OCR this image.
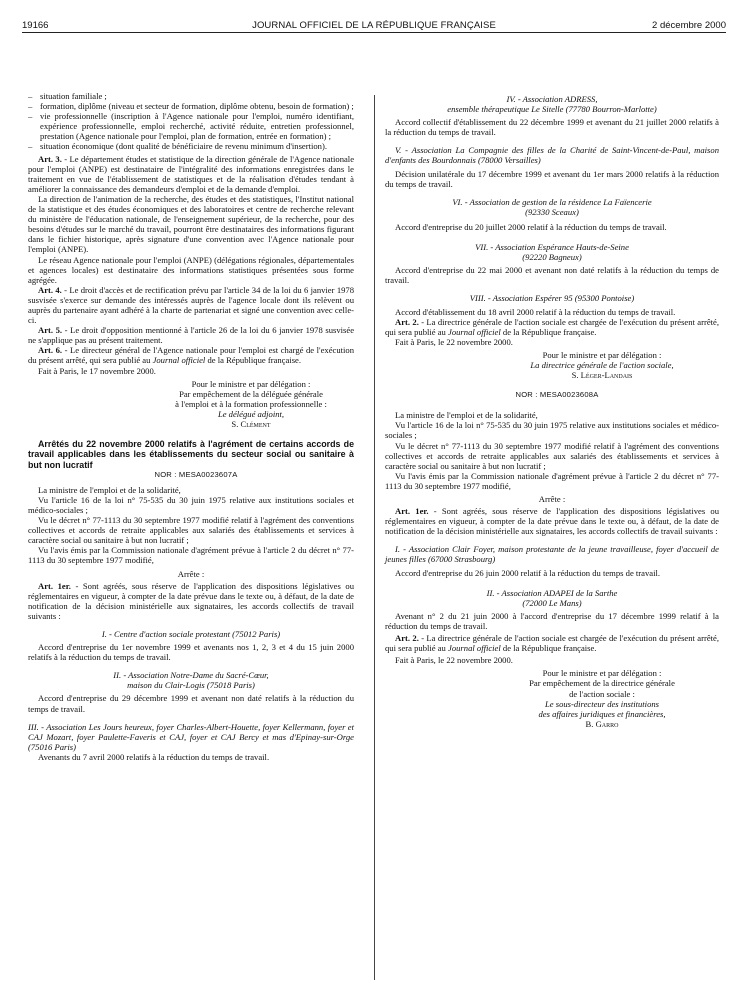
19166	JOURNAL OFFICIEL DE LA RÉPUBLIQUE FRANÇAISE	2 décembre 2000

– situation familiale ;

– formation, diplôme (niveau et secteur de formation, diplôme obtenu, besoin de formation) ;

– vie professionnelle (inscription à l'Agence nationale pour l'emploi, numéro identifiant, expérience professionnelle, emploi recherché, activité réduite, entretien professionnel, prestation (Agence nationale pour l'emploi, plan de formation, entrée en formation) ;

– situation économique (dont qualité de bénéficiaire de revenu minimum d'insertion).

Art. 3. - Le département études et statistique de la direction générale de l'Agence nationale pour l'emploi (ANPE) est destinataire de l'intégralité des informations enregistrées dans le traitement en vue de l'établissement de statistiques et de la réalisation d'études tendant à améliorer la connaissance des demandeurs d'emploi et de la demande d'emploi.

La direction de l'animation de la recherche, des études et des statistiques, l'Institut national de la statistique et des études économiques et des laboratoires et centre de recherche relevant du ministère de l'éducation nationale, de l'enseignement supérieur, de la recherche, pour des besoins d'études sur le marché du travail, pourront être destinataires des informations figurant dans le fichier historique, après signature d'une convention avec l'Agence nationale pour l'emploi (ANPE).

Le réseau Agence nationale pour l'emploi (ANPE) (délégations régionales, départementales et agences locales) est destinataire des informations statistiques présentées sous forme agrégée.

Art. 4. - Le droit d'accès et de rectification prévu par l'article 34 de la loi du 6 janvier 1978 susvisée s'exerce sur demande des intéressés auprès de l'agence locale dont ils relèvent ou auprès du partenaire ayant adhéré à la charte de partenariat et signé une convention avec celle-ci.

Art. 5. - Le droit d'opposition mentionné à l'article 26 de la loi du 6 janvier 1978 susvisée ne s'applique pas au présent traitement.

Art. 6. - Le directeur général de l'Agence nationale pour l'emploi est chargé de l'exécution du présent arrêté, qui sera publié au Journal officiel de la République française.

Fait à Paris, le 17 novembre 2000.

Pour le ministre et par délégation :

Par empêchement de la déléguée générale

à l'emploi et à la formation professionnelle :

Le délégué adjoint,

S. Clément

Arrêtés du 22 novembre 2000 relatifs à l'agrément de certains accords de travail applicables dans les établissements du secteur social ou sanitaire à but non lucratif

NOR : MESA0023607A

La ministre de l'emploi et de la solidarité,

Vu l'article 16 de la loi n° 75-535 du 30 juin 1975 relative aux institutions sociales et médico-sociales ;

Vu le décret n° 77-1113 du 30 septembre 1977 modifié relatif à l'agrément des conventions collectives et accords de retraite applicables aux salariés des établissements et services à caractère social ou sanitaire à but non lucratif ;

Vu l'avis émis par la Commission nationale d'agrément prévue à l'article 2 du décret n° 77-1113 du 30 septembre 1977 modifié,

Arrête :

Art. 1er. - Sont agréés, sous réserve de l'application des dispositions législatives ou réglementaires en vigueur, à compter de la date prévue dans le texte ou, à défaut, de la date de notification de la décision ministérielle aux signataires, les accords collectifs de travail suivants :

I. - Centre d'action sociale protestant (75012 Paris)

Accord d'entreprise du 1er novembre 1999 et avenants nos 1, 2, 3 et 4 du 15 juin 2000 relatifs à la réduction du temps de travail.

II. - Association Notre-Dame du Sacré-Cœur,

maison du Clair-Logis (75018 Paris)

Accord d'entreprise du 29 décembre 1999 et avenant non daté relatifs à la réduction du temps de travail.

III. - Association Les Jours heureux, foyer Charles-Albert-Houette, foyer Kellermann, foyer et CAJ Mozart, foyer Paulette-Faveris et CAJ, foyer et CAJ Bercy et mas d'Epinay-sur-Orge (75016 Paris)

Avenants du 7 avril 2000 relatifs à la réduction du temps de travail.

IV. - Association ADRESS,

ensemble thérapeutique Le Sitelle (77780 Bourron-Marlotte)

Accord collectif d'établissement du 22 décembre 1999 et avenant du 21 juillet 2000 relatifs à la réduction du temps de travail.

V. - Association La Compagnie des filles de la Charité de Saint-Vincent-de-Paul, maison d'enfants des Bourdonnais (78000 Versailles)

Décision unilatérale du 17 décembre 1999 et avenant du 1er mars 2000 relatifs à la réduction du temps de travail.

VI. - Association de gestion de la résidence La Faïencerie

(92330 Sceaux)

Accord d'entreprise du 20 juillet 2000 relatif à la réduction du temps de travail.

VII. - Association Espérance Hauts-de-Seine

(92220 Bagneux)

Accord d'entreprise du 22 mai 2000 et avenant non daté relatifs à la réduction du temps de travail.

VIII. - Association Espérer 95 (95300 Pontoise)

Accord d'établissement du 18 avril 2000 relatif à la réduction du temps de travail.

Art. 2. - La directrice générale de l'action sociale est chargée de l'exécution du présent arrêté, qui sera publié au Journal officiel de la République française.

Fait à Paris, le 22 novembre 2000.

Pour le ministre et par délégation :

La directrice générale de l'action sociale,

S. Léger-Landais

NOR : MESA0023608A

La ministre de l'emploi et de la solidarité,

Vu l'article 16 de la loi n° 75-535 du 30 juin 1975 relative aux institutions sociales et médico-sociales ;

Vu le décret n° 77-1113 du 30 septembre 1977 modifié relatif à l'agrément des conventions collectives et accords de retraite applicables aux salariés des établissements et services à caractère social ou sanitaire à but non lucratif ;

Vu l'avis émis par la Commission nationale d'agrément prévue à l'article 2 du décret n° 77-1113 du 30 septembre 1977 modifié,

Arrête :

Art. 1er. - Sont agréés, sous réserve de l'application des dispositions législatives ou réglementaires en vigueur, à compter de la date prévue dans le texte ou, à défaut, de la date de notification de la décision ministérielle aux signataires, les accords collectifs de travail suivants :

I. - Association Clair Foyer, maison protestante de la jeune travailleuse, foyer d'accueil de jeunes filles (67000 Strasbourg)

Accord d'entreprise du 26 juin 2000 relatif à la réduction du temps de travail.

II. - Association ADAPEI de la Sarthe

(72000 Le Mans)

Avenant n° 2 du 21 juin 2000 à l'accord d'entreprise du 17 décembre 1999 relatif à la réduction du temps de travail.

Art. 2. - La directrice générale de l'action sociale est chargée de l'exécution du présent arrêté, qui sera publié au Journal officiel de la République française.

Fait à Paris, le 22 novembre 2000.

Pour le ministre et par délégation :

Par empêchement de la directrice générale

de l'action sociale :

Le sous-directeur des institutions

des affaires juridiques et financières,

B. Garro
